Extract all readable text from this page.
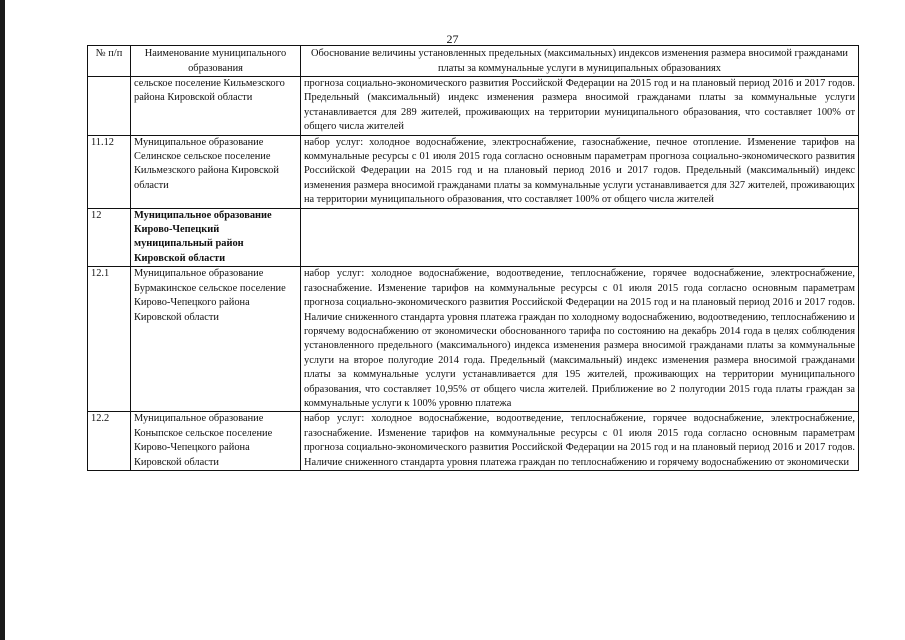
27
№ п/п	Наименование муниципального образования	Обоснование величины установленных предельных (максимальных) индексов изменения размера вносимой гражданами платы за коммунальные услуги в муниципальных образованиях
	сельское поселение Кильмезского района Кировской области	прогноза социально-экономического развития Российской Федерации на 2015 год и на плановый период 2016 и 2017 годов. Предельный (максимальный) индекс изменения размера вносимой гражданами платы за коммунальные услуги устанавливается для 289 жителей, проживающих на территории муниципального образования, что составляет 100% от общего числа жителей
11.12	Муниципальное образование Селинское сельское поселение Кильмезского района Кировской области	набор услуг: холодное водоснабжение, электроснабжение, газоснабжение, печное отопление. Изменение тарифов на коммунальные ресурсы с 01 июля 2015 года согласно основным параметрам прогноза социально-экономического развития Российской Федерации на 2015 год и на плановый период 2016 и 2017 годов. Предельный (максимальный) индекс изменения размера вносимой гражданами платы за коммунальные услуги устанавливается для 327 жителей, проживающих на территории муниципального образования, что составляет 100% от общего числа жителей
12	Муниципальное образование Кирово-Чепецкий муниципальный район Кировской области	
12.1	Муниципальное образование Бурмакинское сельское поселение Кирово-Чепецкого района Кировской области	набор услуг: холодное водоснабжение, водоотведение, теплоснабжение, горячее водоснабжение, электроснабжение, газоснабжение. Изменение тарифов на коммунальные ресурсы с 01 июля 2015 года согласно основным параметрам прогноза социально-экономического развития Российской Федерации на 2015 год и на плановый период 2016 и 2017 годов. Наличие сниженного стандарта уровня платежа граждан по холодному водоснабжению, водоотведению, теплоснабжению и горячему водоснабжению от экономически обоснованного тарифа по состоянию на декабрь 2014 года в целях соблюдения установленного предельного (максимального) индекса изменения размера вносимой гражданами платы за коммунальные услуги на второе полугодие 2014 года. Предельный (максимальный) индекс изменения размера вносимой гражданами платы за коммунальные услуги устанавливается для 195 жителей, проживающих на территории муниципального образования, что составляет 10,95% от общего числа жителей. Приближение во 2 полугодии 2015 года платы граждан за коммунальные услуги к 100% уровню платежа
12.2	Муниципальное образование Коныпское сельское поселение Кирово-Чепецкого района Кировской области	набор услуг: холодное водоснабжение, водоотведение, теплоснабжение, горячее водоснабжение, электроснабжение, газоснабжение. Изменение тарифов на коммунальные ресурсы с 01 июля 2015 года согласно основным параметрам прогноза социально-экономического развития Российской Федерации на 2015 год и на плановый период 2016 и 2017 годов. Наличие сниженного стандарта уровня платежа граждан по теплоснабжению и горячему водоснабжению от экономически
